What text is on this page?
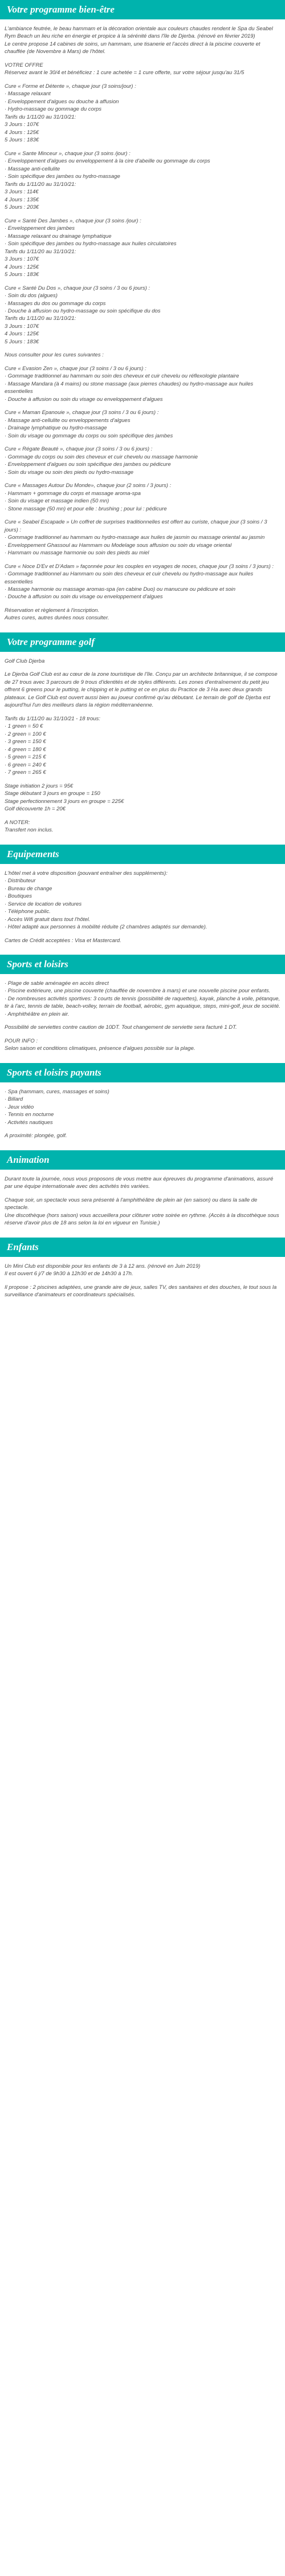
Votre programme bien-être

L'ambiance feutrée, le beau hammam et la décoration orientale aux couleurs chaudes rendent le Spa du Seabel Rym Beach un lieu riche en énergie et propice à la sérénité dans l'île de Djerba. (rénové en février 2019)
Le centre propose 14 cabines de soins, un hammam, une tisanerie et l'accès direct à la piscine couverte et chauffée (de Novembre à Mars) de l'hôtel.

VOTRE OFFRE
Réservez avant le 30/4 et bénéficiez : 1 cure achetée = 1 cure offerte, sur votre séjour jusqu'au 31/5

Cure « Forme et Détente », chaque jour (3 soins/jour) :
· Massage relaxant
· Enveloppement d'algues ou douche à affusion
· Hydro-massage ou gommage du corps
Tarifs du 1/11/20 au 31/10/21:
3 Jours : 107€
4 Jours : 125€
5 Jours : 183€

Cure « Sante Minceur », chaque jour (3 soins /jour) :
· Enveloppement d'algues ou enveloppement à la cire d'abeille ou gommage du corps
· Massage anti-cellulite
· Soin spécifique des jambes ou hydro-massage
Tarifs du 1/11/20 au 31/10/21:
3 Jours : 114€
4 Jours : 135€
5 Jours : 203€

Cure « Santé Des Jambes », chaque jour (3 soins /jour) :
· Enveloppement des jambes
· Massage relaxant ou drainage lymphatique
· Soin spécifique des jambes ou hydro-massage aux huiles circulatoires
Tarifs du 1/11/20 au 31/10/21:
3 Jours : 107€
4 Jours : 125€
5 Jours : 183€

Cure « Santé Du Dos », chaque jour (3 soins / 3 ou 6 jours) :
· Soin du dos (algues)
· Massages du dos ou gommage du corps
· Douche à affusion ou hydro-massage ou soin spécifique du dos
Tarifs du 1/11/20 au 31/10/21:
3 Jours : 107€
4 Jours : 125€
5 Jours : 183€

Nous consulter pour les cures suivantes :

Cure « Evasion Zen », chaque jour (3 soins / 3 ou 6 jours) :
· Gommage traditionnel au hammam ou soin des cheveux et cuir chevelu ou réflexologie plantaire
· Massage Mandara (à 4 mains) ou stone massage (aux pierres chaudes) ou hydro-massage aux huiles essentielles
· Douche à affusion ou soin du visage ou enveloppement d'algues

Cure « Maman Epanouie », chaque jour (3 soins / 3 ou 6 jours) :
· Massage anti-cellulite ou enveloppements d'algues
· Drainage lymphatique ou hydro-massage
· Soin du visage ou gommage du corps ou soin spécifique des jambes

Cure « Régate Beauté », chaque jour (3 soins / 3 ou 6 jours) :
· Gommage du corps ou soin des cheveux et cuir chevelu ou massage harmonie
· Enveloppement d'algues ou soin spécifique des jambes ou pédicure
· Soin du visage ou soin des pieds ou hydro-massage

Cure « Massages Autour Du Monde», chaque jour (2 soins / 3 jours) :
· Hammam + gommage du corps et massage aroma-spa
· Soin du visage et massage indien (50 mn)
· Stone massage (50 mn) et pour elle : brushing ; pour lui : pédicure

Cure « Seabel Escapade » Un coffret de surprises traditionnelles est offert au curiste, chaque jour (3 soins / 3 jours) :
· Gommage traditionnel au hammam ou hydro-massage aux huiles de jasmin ou massage oriental au jasmin
· Enveloppement Ghassoul au Hammam ou Modelage sous affusion ou soin du visage oriental
· Hammam ou massage harmonie ou soin des pieds au miel

Cure « Noce D'Ev et D'Adam » façonnée pour les couples en voyages de noces, chaque jour (3 soins / 3 jours) :
· Gommage traditionnel au Hammam ou soin des cheveux et cuir chevelu ou hydro-massage aux huiles essentielles
· Massage harmonie ou massage aromas-spa (en cabine Duo) ou manucure ou pédicure et soin
· Douche à affusion ou soin du visage ou enveloppement d'algues

Réservation et règlement à l'inscription.
Autres cures, autres durées nous consulter.

Votre programme golf

Golf Club Djerba

Le Djerba Golf Club est au cœur de la zone touristique de l'île. Conçu par un architecte britannique, il se compose de 27 trous avec 3 parcours de 9 trous d'identités et de styles différents. Les zones d'entraînement du petit jeu offrent 6 greens pour le putting, le chipping et le putting et ce en plus du Practice de 3 Ha avec deux grands plateaux. Le Golf Club est ouvert aussi bien au joueur confirmé qu'au débutant. Le terrain de golf de Djerba est aujourd'hui l'un des meilleurs dans la région méditerranéenne.

Tarifs du 1/11/20 au 31/10/21 - 18 trous:
· 1 green = 50 €
· 2 green = 100 €
· 3 green = 150 €
· 4 green = 180 €
· 5 green = 215 €
· 6 green = 240 €
· 7 green = 265 €

Stage initiation 2 jours = 95€
Stage débutant 3 jours en groupe = 150
Stage perfectionnement 3 jours en groupe = 225€
Golf découverte 1h = 20€

A NOTER:
Transfert non inclus.

Equipements

L'hôtel met à votre disposition (pouvant entraîner des suppléments):
· Distributeur
· Bureau de change
· Boutiques
· Service de location de voitures
· Téléphone public.
· Accès Wifi gratuit dans tout l'hôtel.
· Hôtel adapté aux personnes à mobilité réduite (2 chambres adaptés sur demande).

Cartes de Crédit acceptées : Visa et Mastercard.

Sports et loisirs

· Plage de sable aménagée en accès direct
· Piscine extérieure, une piscine couverte (chauffée de novembre à mars) et une nouvelle piscine pour enfants.
· De nombreuses activités sportives: 3 courts de tennis (possibilité de raquettes), kayak, planche à voile, pétanque, tir à l'arc, tennis de table, beach-volley, terrain de football, aérobic, gym aquatique, steps, mini-golf, jeux de société.
· Amphithéâtre en plein air.

Possibilité de serviettes contre caution de 10DT. Tout changement de serviette sera facturé 1 DT.

POUR INFO :
Selon saison et conditions climatiques, présence d'algues possible sur la plage.

Sports et loisirs payants

· Spa (hammam, cures, massages et soins)
· Billard
· Jeux vidéo
· Tennis en nocturne
· Activités nautiques

A proximité: plongée, golf.

Animation

Durant toute la journée, nous vous proposons de vous mettre aux épreuves du programme d'animations, assuré par une équipe internationale avec des activités très variées.

Chaque soir, un spectacle vous sera présenté à l'amphithéâtre de plein air (en saison) ou dans la salle de spectacle.
Une discothèque (hors saison) vous accueillera pour clôturer votre soirée en rythme. (Accès à la discothèque sous réserve d'avoir plus de 18 ans selon la loi en vigueur en Tunisie.)

Enfants

Un Mini Club est disponible pour les enfants de 3 à 12 ans. (rénové en Juin 2019)
Il est ouvert 6 j/7 de 9h30 à 12h30 et de 14h30 à 17h.

Il propose : 2 piscines adaptées, une grande aire de jeux, salles TV, des sanitaires et des douches, le tout sous la surveillance d'animateurs et coordinateurs spécialisés.
